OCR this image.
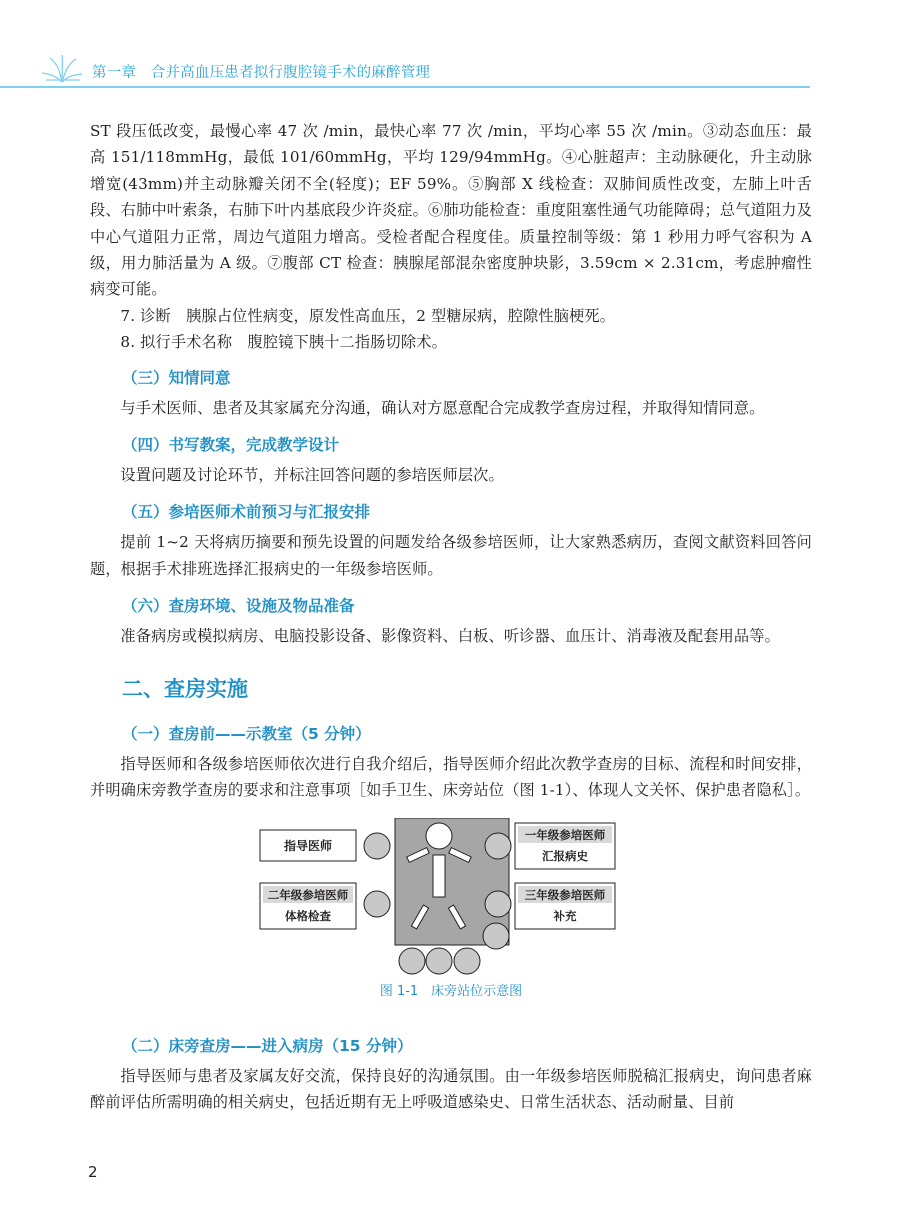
第一章　合并高血压患者拟行腹腔镜手术的麻醉管理

ST 段压低改变，最慢心率 47 次 /min，最快心率 77 次 /min，平均心率 55 次 /min。③动态血压：最高 151/118mmHg，最低 101/60mmHg，平均 129/94mmHg。④心脏超声：主动脉硬化，升主动脉增宽(43mm)并主动脉瓣关闭不全(轻度)；EF 59%。⑤胸部 X 线检查：双肺间质性改变，左肺上叶舌段、右肺中叶索条，右肺下叶内基底段少许炎症。⑥肺功能检查：重度阻塞性通气功能障碍；总气道阻力及中心气道阻力正常，周边气道阻力增高。受检者配合程度佳。质量控制等级：第 1 秒用力呼气容积为 A 级，用力肺活量为 A 级。⑦腹部 CT 检查：胰腺尾部混杂密度肿块影，3.59cm × 2.31cm，考虑肿瘤性病变可能。

7. 诊断　胰腺占位性病变，原发性高血压，2 型糖尿病，腔隙性脑梗死。

8. 拟行手术名称　腹腔镜下胰十二指肠切除术。

（三）知情同意

与手术医师、患者及其家属充分沟通，确认对方愿意配合完成教学查房过程，并取得知情同意。

（四）书写教案，完成教学设计

设置问题及讨论环节，并标注回答问题的参培医师层次。

（五）参培医师术前预习与汇报安排

提前 1~2 天将病历摘要和预先设置的问题发给各级参培医师，让大家熟悉病历，查阅文献资料回答问题，根据手术排班选择汇报病史的一年级参培医师。

（六）查房环境、设施及物品准备

准备病房或模拟病房、电脑投影设备、影像资料、白板、听诊器、血压计、消毒液及配套用品等。

二、查房实施

（一）查房前——示教室（5 分钟）

指导医师和各级参培医师依次进行自我介绍后，指导医师介绍此次教学查房的目标、流程和时间安排，并明确床旁教学查房的要求和注意事项［如手卫生、床旁站位（图 1-1）、体现人文关怀、保护患者隐私］。

指导医师
一年级参培医师
汇报病史
二年级参培医师
体格检查
三年级参培医师
补充

图 1-1　床旁站位示意图

（二）床旁查房——进入病房（15 分钟）

指导医师与患者及家属友好交流，保持良好的沟通氛围。由一年级参培医师脱稿汇报病史，询问患者麻醉前评估所需明确的相关病史，包括近期有无上呼吸道感染史、日常生活状态、活动耐量、目前

2
